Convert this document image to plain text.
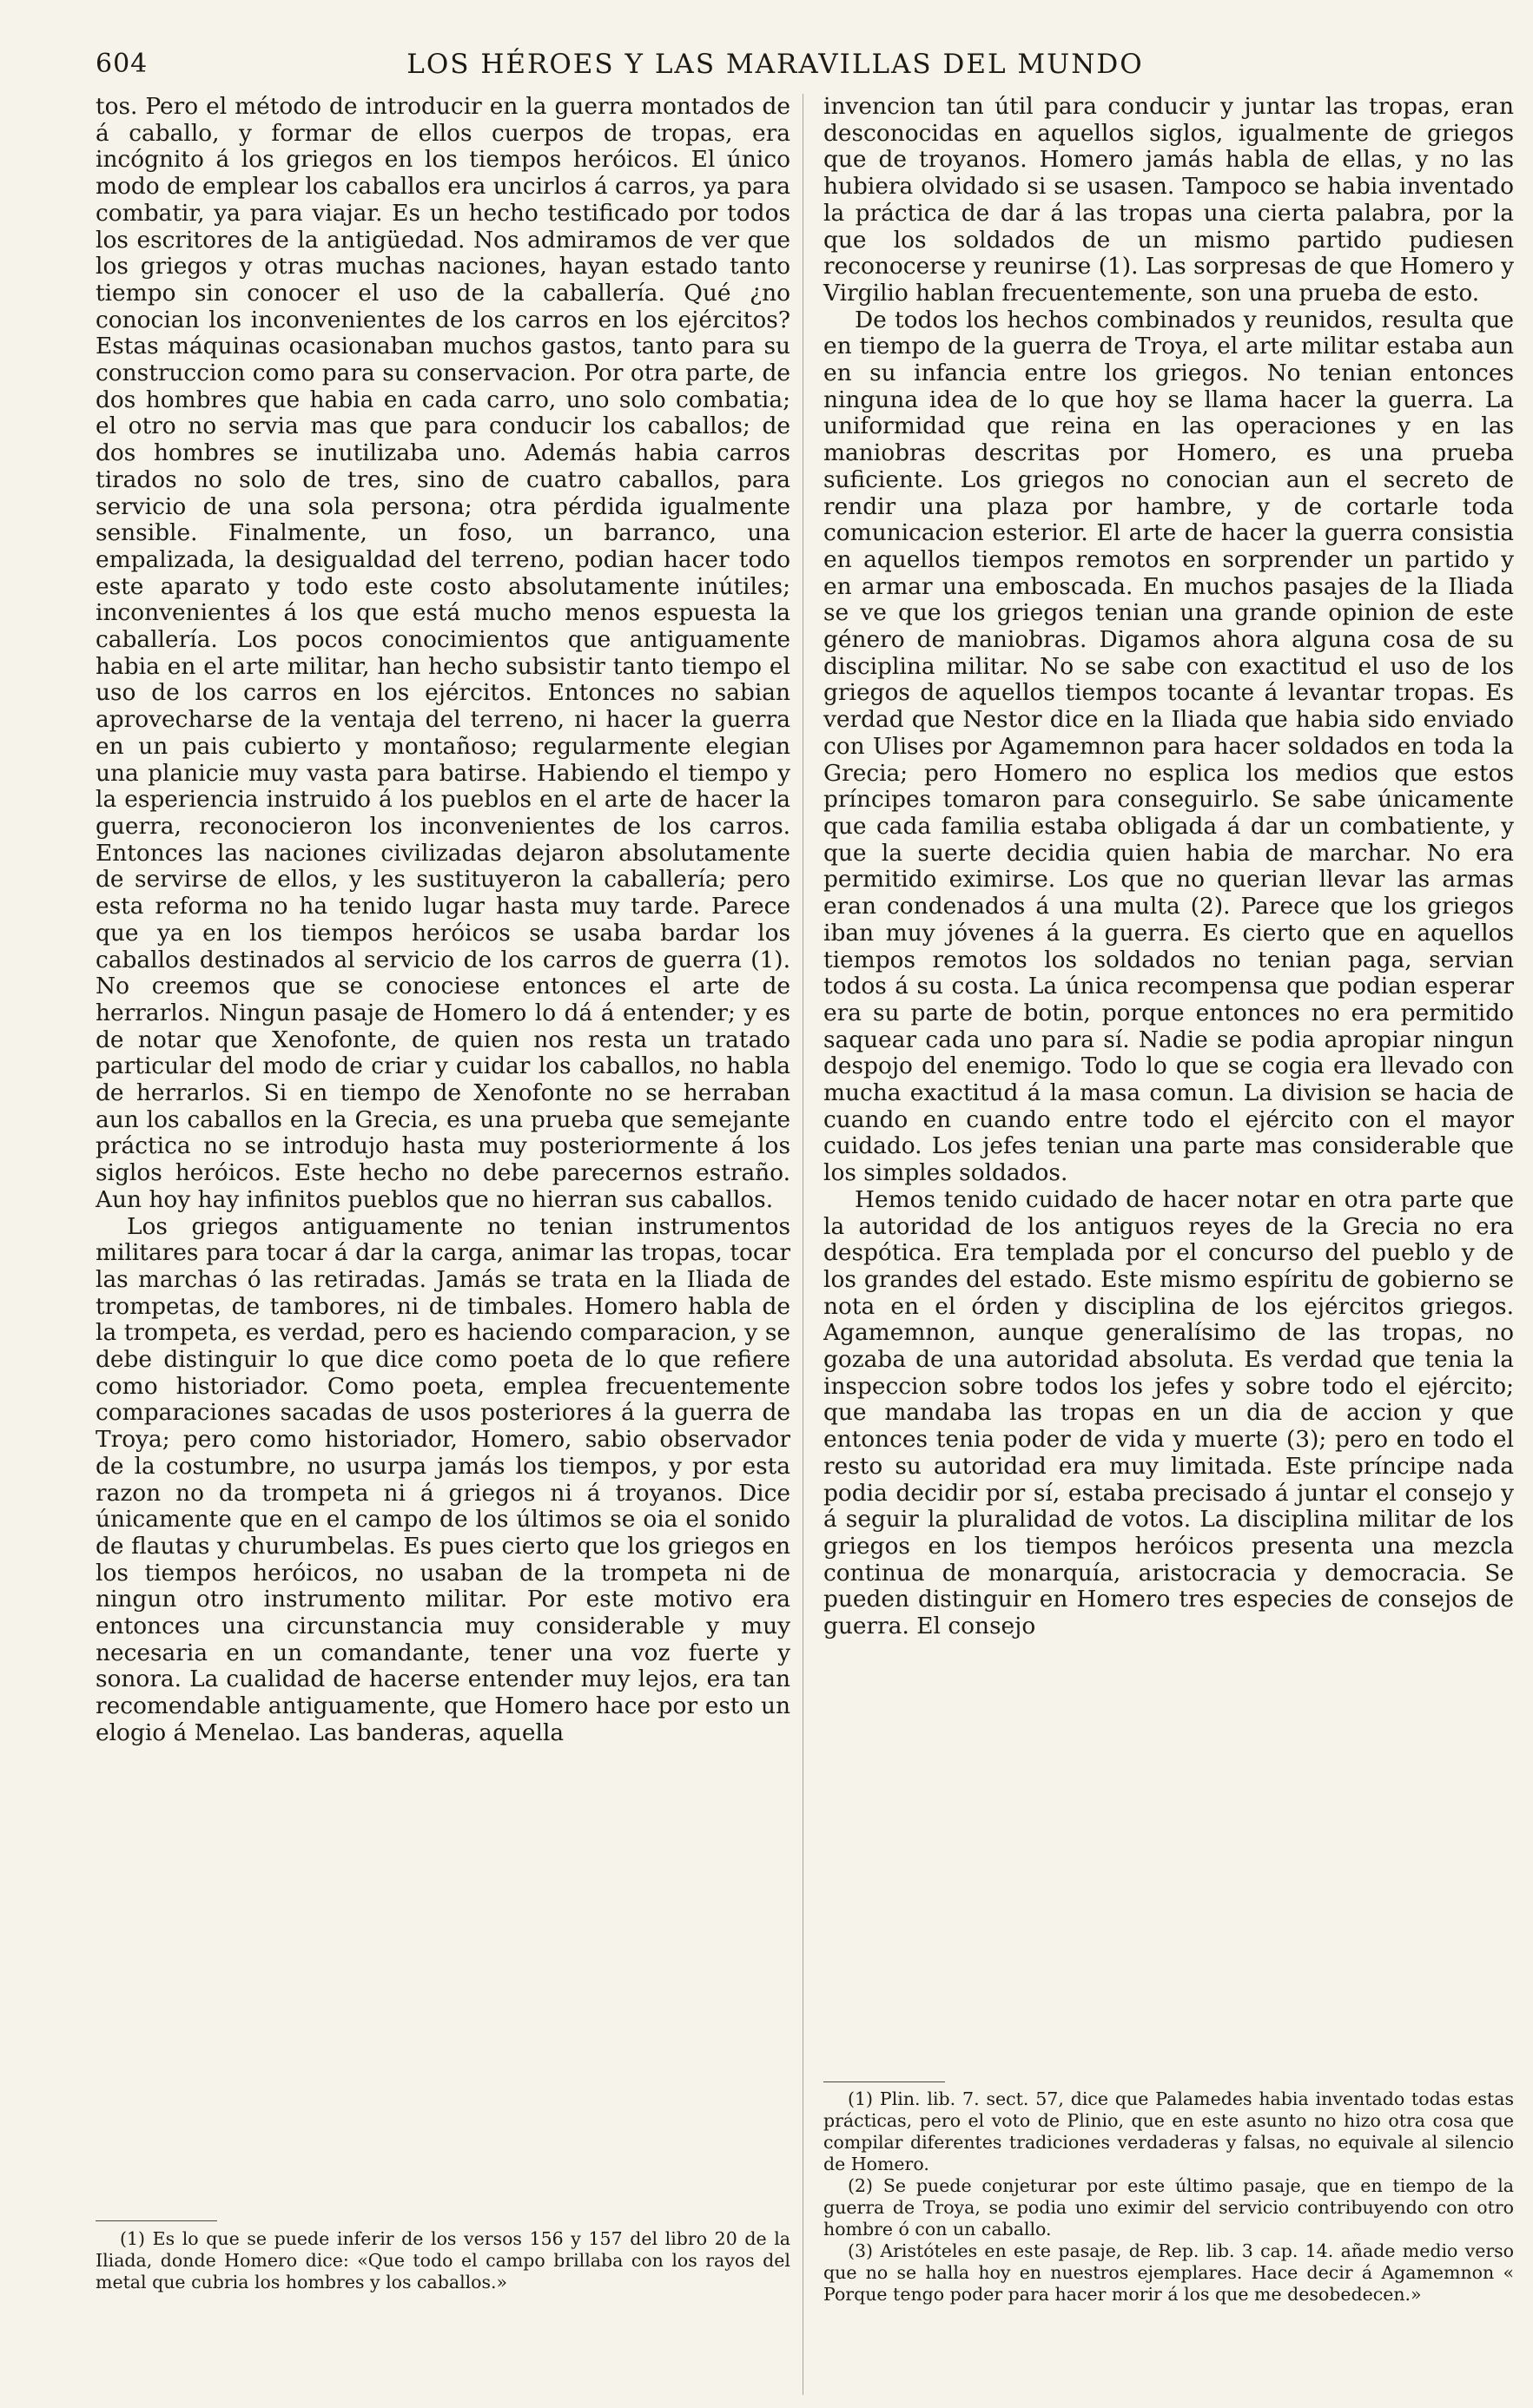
604	LOS HÉROES Y LAS MARAVILLAS DEL MUNDO

tos. Pero el método de introducir en la guerra montados de á caballo, y formar de ellos cuerpos de tropas, era incógnito á los griegos en los tiempos heróicos. El único modo de emplear los caballos era uncirlos á carros, ya para combatir, ya para viajar. Es un hecho testificado por todos los escritores de la antigüedad. Nos admiramos de ver que los griegos y otras muchas naciones, hayan estado tanto tiempo sin conocer el uso de la caballería. Qué ¿no conocian los inconvenientes de los carros en los ejércitos? Estas máquinas ocasionaban muchos gastos, tanto para su construccion como para su conservacion. Por otra parte, de dos hombres que habia en cada carro, uno solo combatia; el otro no servia mas que para conducir los caballos; de dos hombres se inutilizaba uno. Además habia carros tirados no solo de tres, sino de cuatro caballos, para servicio de una sola persona; otra pérdida igualmente sensible. Finalmente, un foso, un barranco, una empalizada, la desigualdad del terreno, podian hacer todo este aparato y todo este costo absolutamente inútiles; inconvenientes á los que está mucho menos espuesta la caballería. Los pocos conocimientos que antiguamente habia en el arte militar, han hecho subsistir tanto tiempo el uso de los carros en los ejércitos. Entonces no sabian aprovecharse de la ventaja del terreno, ni hacer la guerra en un pais cubierto y montañoso; regularmente elegian una planicie muy vasta para batirse. Habiendo el tiempo y la esperiencia instruido á los pueblos en el arte de hacer la guerra, reconocieron los inconvenientes de los carros. Entonces las naciones civilizadas dejaron absolutamente de servirse de ellos, y les sustituyeron la caballería; pero esta reforma no ha tenido lugar hasta muy tarde. Parece que ya en los tiempos heróicos se usaba bardar los caballos destinados al servicio de los carros de guerra (1). No creemos que se conociese entonces el arte de herrarlos. Ningun pasaje de Homero lo dá á entender; y es de notar que Xenofonte, de quien nos resta un tratado particular del modo de criar y cuidar los caballos, no habla de herrarlos. Si en tiempo de Xenofonte no se herraban aun los caballos en la Grecia, es una prueba que semejante práctica no se introdujo hasta muy posteriormente á los siglos heróicos. Este hecho no debe parecernos estraño. Aun hoy hay infinitos pueblos que no hierran sus caballos.

Los griegos antiguamente no tenian instrumentos militares para tocar á dar la carga, animar las tropas, tocar las marchas ó las retiradas. Jamás se trata en la Iliada de trompetas, de tambores, ni de timbales. Homero habla de la trompeta, es verdad, pero es haciendo comparacion, y se debe distinguir lo que dice como poeta de lo que refiere como historiador. Como poeta, emplea frecuentemente comparaciones sacadas de usos posteriores á la guerra de Troya; pero como historiador, Homero, sabio observador de la costumbre, no usurpa jamás los tiempos, y por esta razon no da trompeta ni á griegos ni á troyanos. Dice únicamente que en el campo de los últimos se oia el sonido de flautas y churumbelas. Es pues cierto que los griegos en los tiempos heróicos, no usaban de la trompeta ni de ningun otro instrumento militar. Por este motivo era entonces una circunstancia muy considerable y muy necesaria en un comandante, tener una voz fuerte y sonora. La cualidad de hacerse entender muy lejos, era tan recomendable antiguamente, que Homero hace por esto un elogio á Menelao. Las banderas, aquella

invencion tan útil para conducir y juntar las tropas, eran desconocidas en aquellos siglos, igualmente de griegos que de troyanos. Homero jamás habla de ellas, y no las hubiera olvidado si se usasen. Tampoco se habia inventado la práctica de dar á las tropas una cierta palabra, por la que los soldados de un mismo partido pudiesen reconocerse y reunirse (1). Las sorpresas de que Homero y Virgilio hablan frecuentemente, son una prueba de esto.

De todos los hechos combinados y reunidos, resulta que en tiempo de la guerra de Troya, el arte militar estaba aun en su infancia entre los griegos. No tenian entonces ninguna idea de lo que hoy se llama hacer la guerra. La uniformidad que reina en las operaciones y en las maniobras descritas por Homero, es una prueba suficiente. Los griegos no conocian aun el secreto de rendir una plaza por hambre, y de cortarle toda comunicacion esterior. El arte de hacer la guerra consistia en aquellos tiempos remotos en sorprender un partido y en armar una emboscada. En muchos pasajes de la Iliada se ve que los griegos tenian una grande opinion de este género de maniobras. Digamos ahora alguna cosa de su disciplina militar. No se sabe con exactitud el uso de los griegos de aquellos tiempos tocante á levantar tropas. Es verdad que Nestor dice en la Iliada que habia sido enviado con Ulises por Agamemnon para hacer soldados en toda la Grecia; pero Homero no esplica los medios que estos príncipes tomaron para conseguirlo. Se sabe únicamente que cada familia estaba obligada á dar un combatiente, y que la suerte decidia quien habia de marchar. No era permitido eximirse. Los que no querian llevar las armas eran condenados á una multa (2). Parece que los griegos iban muy jóvenes á la guerra. Es cierto que en aquellos tiempos remotos los soldados no tenian paga, servian todos á su costa. La única recompensa que podian esperar era su parte de botin, porque entonces no era permitido saquear cada uno para sí. Nadie se podia apropiar ningun despojo del enemigo. Todo lo que se cogia era llevado con mucha exactitud á la masa comun. La division se hacia de cuando en cuando entre todo el ejército con el mayor cuidado. Los jefes tenian una parte mas considerable que los simples soldados.

Hemos tenido cuidado de hacer notar en otra parte que la autoridad de los antiguos reyes de la Grecia no era despótica. Era templada por el concurso del pueblo y de los grandes del estado. Este mismo espíritu de gobierno se nota en el órden y disciplina de los ejércitos griegos. Agamemnon, aunque generalísimo de las tropas, no gozaba de una autoridad absoluta. Es verdad que tenia la inspeccion sobre todos los jefes y sobre todo el ejército; que mandaba las tropas en un dia de accion y que entonces tenia poder de vida y muerte (3); pero en todo el resto su autoridad era muy limitada. Este príncipe nada podia decidir por sí, estaba precisado á juntar el consejo y á seguir la pluralidad de votos. La disciplina militar de los griegos en los tiempos heróicos presenta una mezcla continua de monarquía, aristocracia y democracia. Se pueden distinguir en Homero tres especies de consejos de guerra. El consejo

(1) Es lo que se puede inferir de los versos 156 y 157 del libro 20 de la Iliada, donde Homero dice: «Que todo el campo brillaba con los rayos del metal que cubria los hombres y los caballos.»

(1) Plin. lib. 7. sect. 57, dice que Palamedes habia inventado todas estas prácticas, pero el voto de Plinio, que en este asunto no hizo otra cosa que compilar diferentes tradiciones verdaderas y falsas, no equivale al silencio de Homero.

(2) Se puede conjeturar por este último pasaje, que en tiempo de la guerra de Troya, se podia uno eximir del servicio contribuyendo con otro hombre ó con un caballo.

(3) Aristóteles en este pasaje, de Rep. lib. 3 cap. 14. añade medio verso que no se halla hoy en nuestros ejemplares. Hace decir á Agamemnon « Porque tengo poder para hacer morir á los que me desobedecen.»
